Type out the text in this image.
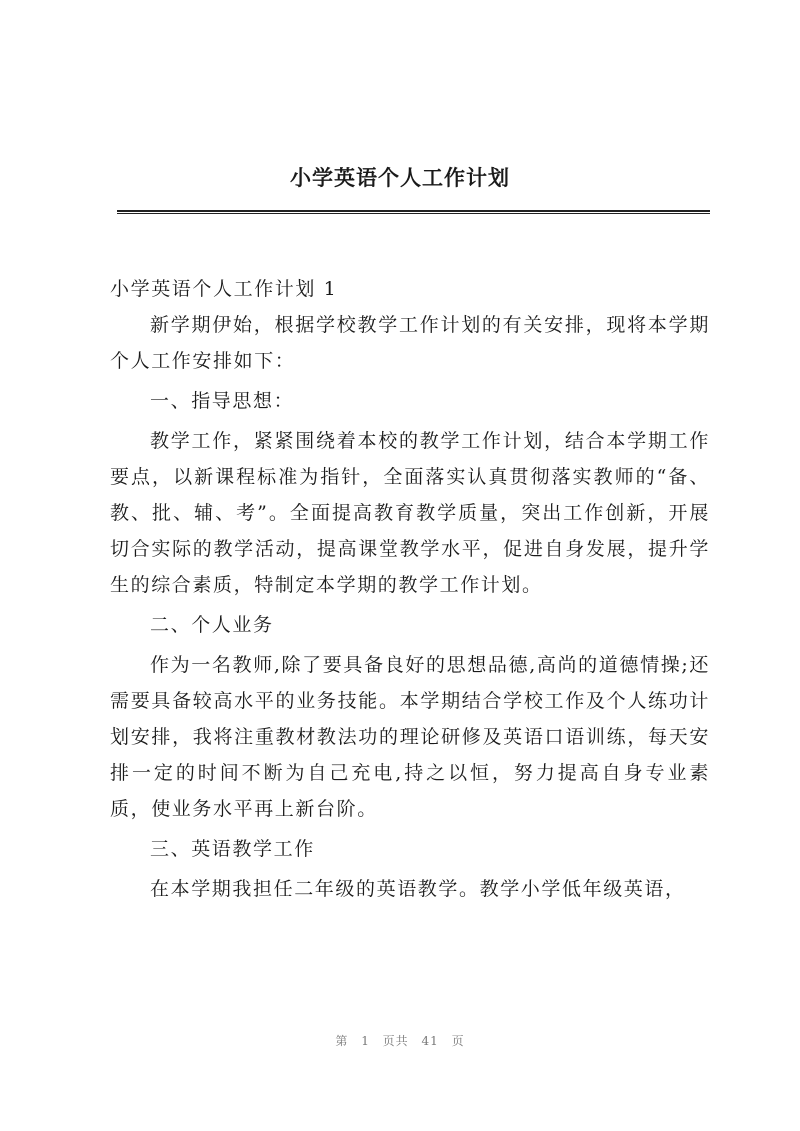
小学英语个人工作计划

小学英语个人工作计划 1

新学期伊始，根据学校教学工作计划的有关安排，现将本学期个人工作安排如下：

一、指导思想：

教学工作，紧紧围绕着本校的教学工作计划，结合本学期工作要点，以新课程标准为指针，全面落实认真贯彻落实教师的“备、教、批、辅、考”。全面提高教育教学质量，突出工作创新，开展切合实际的教学活动，提高课堂教学水平，促进自身发展，提升学生的综合素质，特制定本学期的教学工作计划。

二、个人业务

作为一名教师,除了要具备良好的思想品德,高尚的道德情操;还需要具备较高水平的业务技能。本学期结合学校工作及个人练功计划安排，我将注重教材教法功的理论研修及英语口语训练，每天安排一定的时间不断为自己充电,持之以恒，努力提高自身专业素质，使业务水平再上新台阶。

三、英语教学工作

在本学期我担任二年级的英语教学。教学小学低年级英语，

第 1 页共 41 页
